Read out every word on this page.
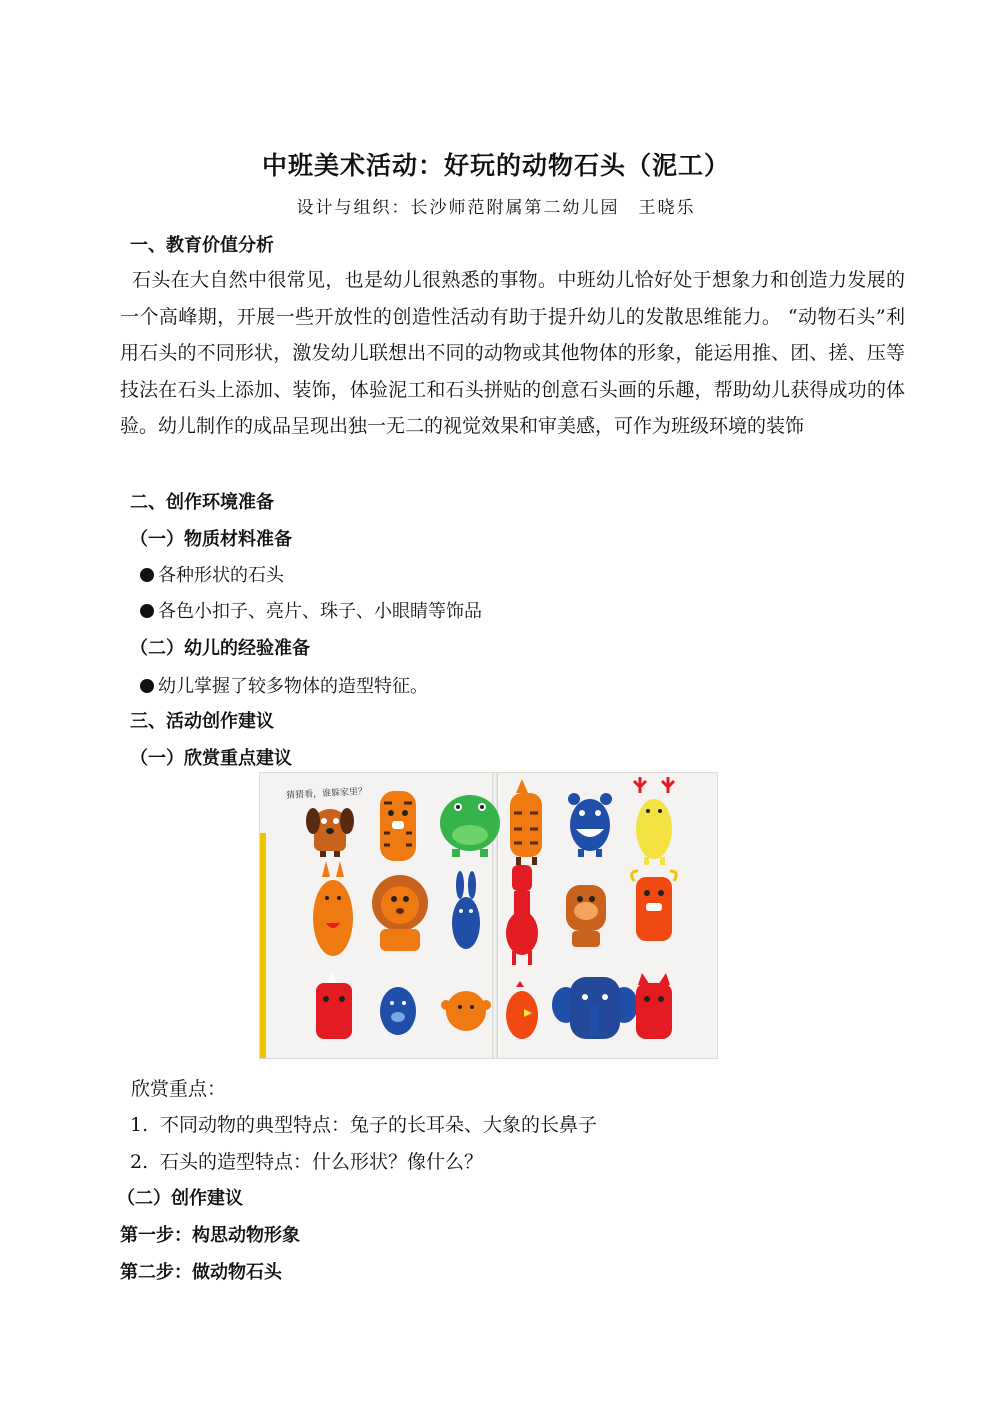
中班美术活动：好玩的动物石头（泥工）
设计与组织：长沙师范附属第二幼儿园　王晓乐
一、教育价值分析

石头在大自然中很常见，也是幼儿很熟悉的事物。中班幼儿恰好处于想象力和创造力发展的一个高峰期，开展一些开放性的创造性活动有助于提升幼儿的发散思维能力。 “动物石头”利用石头的不同形状，激发幼儿联想出不同的动物或其他物体的形象，能运用推、团、搓、压等技法在石头上添加、装饰，体验泥工和石头拼贴的创意石头画的乐趣，帮助幼儿获得成功的体验。幼儿制作的成品呈现出独一无二的视觉效果和审美感，可作为班级环境的装饰

二、创作环境准备
（一）物质材料准备
各种形状的石头
各色小扣子、亮片、珠子、小眼睛等饰品
（二）幼儿的经验准备
幼儿掌握了较多物体的造型特征。
三、活动创作建议
（一）欣赏重点建议
猜猜看，谁躲家里？
欣赏重点：
1. 不同动物的典型特点：兔子的长耳朵、大象的长鼻子
2. 石头的造型特点：什么形状？像什么？
（二）创作建议
第一步：构思动物形象
第二步：做动物石头
